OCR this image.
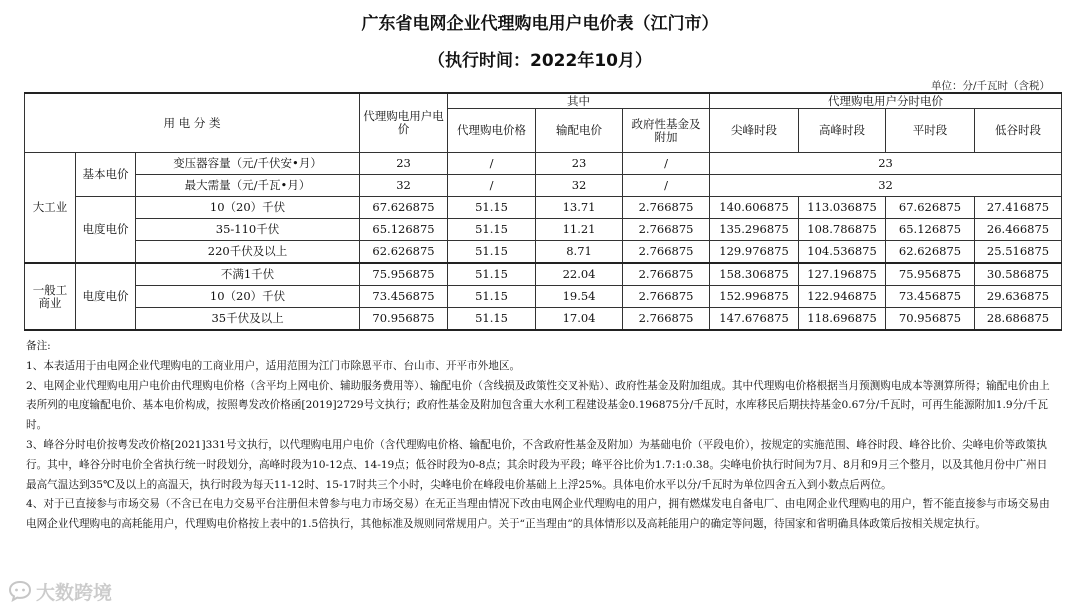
广东省电网企业代理购电用户电价表（江门市）
（执行时间：2022年10月）
单位：分/千瓦时（含税）
用 电 分 类			代理购电用户电价	其中			代理购电用户分时电价			
				代理购电价格	输配电价	政府性基金及附加	尖峰时段	高峰时段	平时段	低谷时段
大工业	基本电价	变压器容量（元/千伏安•月）	23	/	23	/	23			
		最大需量（元/千瓦•月）	32	/	32	/	32			
	电度电价	10（20）千伏	67.626875	51.15	13.71	2.766875	140.606875	113.036875	67.626875	27.416875
		35-110千伏	65.126875	51.15	11.21	2.766875	135.296875	108.786875	65.126875	26.466875
		220千伏及以上	62.626875	51.15	8.71	2.766875	129.976875	104.536875	62.626875	25.516875
一般工商业	电度电价	不满1千伏	75.956875	51.15	22.04	2.766875	158.306875	127.196875	75.956875	30.586875
		10（20）千伏	73.456875	51.15	19.54	2.766875	152.996875	122.946875	73.456875	29.636875
		35千伏及以上	70.956875	51.15	17.04	2.766875	147.676875	118.696875	70.956875	28.686875

备注:

1、本表适用于由电网企业代理购电的工商业用户，适用范围为江门市除恩平市、台山市、开平市外地区。

2、电网企业代理购电用户电价由代理购电价格（含平均上网电价、辅助服务费用等）、输配电价（含线损及政策性交叉补贴）、政府性基金及附加组成。其中代理购电价格根据当月预测购电成本等测算所得；输配电价由上表所列的电度输配电价、基本电价构成，按照粤发改价格函[2019]2729号文执行；政府性基金及附加包含重大水利工程建设基金0.196875分/千瓦时，水库移民后期扶持基金0.67分/千瓦时，可再生能源附加1.9分/千瓦时。

3、峰谷分时电价按粤发改价格[2021]331号文执行，以代理购电用户电价（含代理购电价格、输配电价，不含政府性基金及附加）为基础电价（平段电价），按规定的实施范围、峰谷时段、峰谷比价、尖峰电价等政策执行。其中，峰谷分时电价全省执行统一时段划分，高峰时段为10-12点、14-19点；低谷时段为0-8点；其余时段为平段；峰平谷比价为1.7:1:0.38。尖峰电价执行时间为7月、8月和9月三个整月，以及其他月份中广州日最高气温达到35℃及以上的高温天，执行时段为每天11-12时、15-17时共三个小时，尖峰电价在峰段电价基础上上浮25%。具体电价水平以分/千瓦时为单位四舍五入到小数点后两位。

4、对于已直接参与市场交易（不含已在电力交易平台注册但未曾参与电力市场交易）在无正当理由情况下改由电网企业代理购电的用户，拥有燃煤发电自备电厂、由电网企业代理购电的用户，暂不能直接参与市场交易由电网企业代理购电的高耗能用户，代理购电价格按上表中的1.5倍执行，其他标准及规则同常规用户。关于“正当理由”的具体情形以及高耗能用户的确定等问题，待国家和省明确具体政策后按相关规定执行。

大数跨境
